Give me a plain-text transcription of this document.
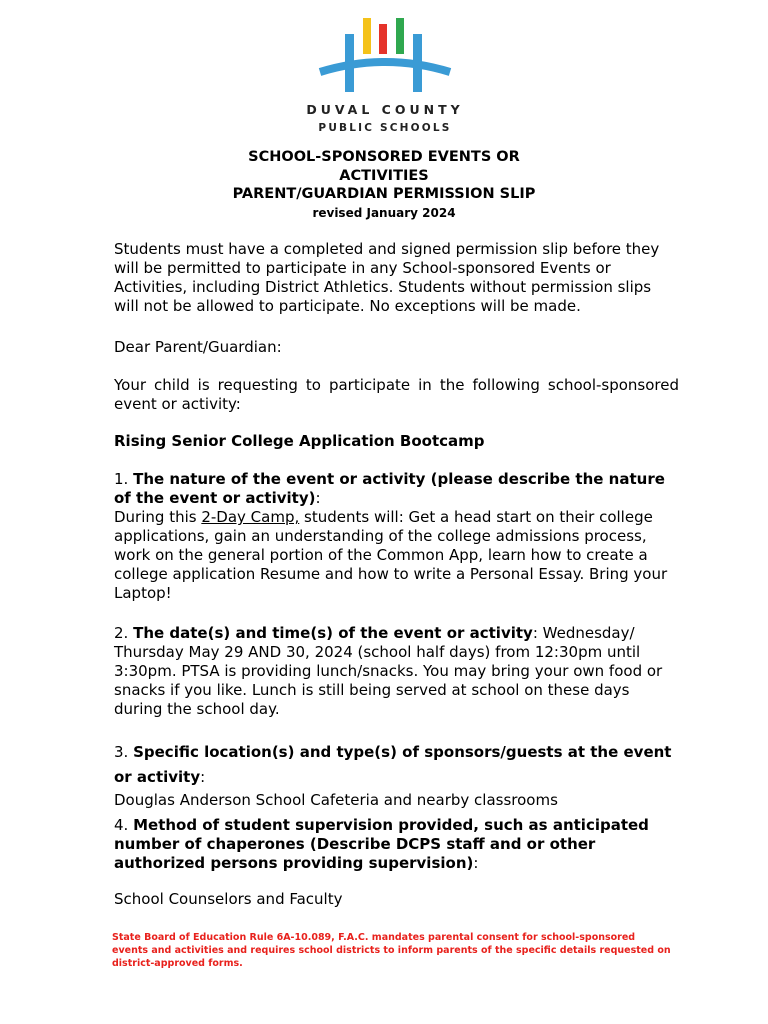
DUVAL COUNTY
PUBLIC SCHOOLS
SCHOOL-SPONSORED EVENTS OR
ACTIVITIES
PARENT/GUARDIAN PERMISSION SLIP
revised January 2024

Students must have a completed and signed permission slip before they will be permitted to participate in any School-sponsored Events or Activities, including District Athletics. Students without permission slips will not be allowed to participate. No exceptions will be made.

Dear Parent/Guardian:

Your child is requesting to participate in the following school-sponsored event or activity:

Rising Senior College Application Bootcamp

1. The nature of the event or activity (please describe the nature of the event or activity):
During this 2-Day Camp, students will: Get a head start on their college applications, gain an understanding of the college admissions process, work on the general portion of the Common App, learn how to create a college application Resume and how to write a Personal Essay. Bring your Laptop!

2. The date(s) and time(s) of the event or activity: Wednesday/ Thursday May 29 AND 30, 2024 (school half days) from 12:30pm until 3:30pm. PTSA is providing lunch/snacks. You may bring your own food or snacks if you like. Lunch is still being served at school on these days during the school day.

3. Specific location(s) and type(s) of sponsors/guests at the event or activity:

Douglas Anderson School Cafeteria and nearby classrooms

4. Method of student supervision provided, such as anticipated number of chaperones (Describe DCPS staff and or other authorized persons providing supervision):

School Counselors and Faculty

State Board of Education Rule 6A-10.089, F.A.C. mandates parental consent for school-sponsored events and activities and requires school districts to inform parents of the specific details requested on district-approved forms.
